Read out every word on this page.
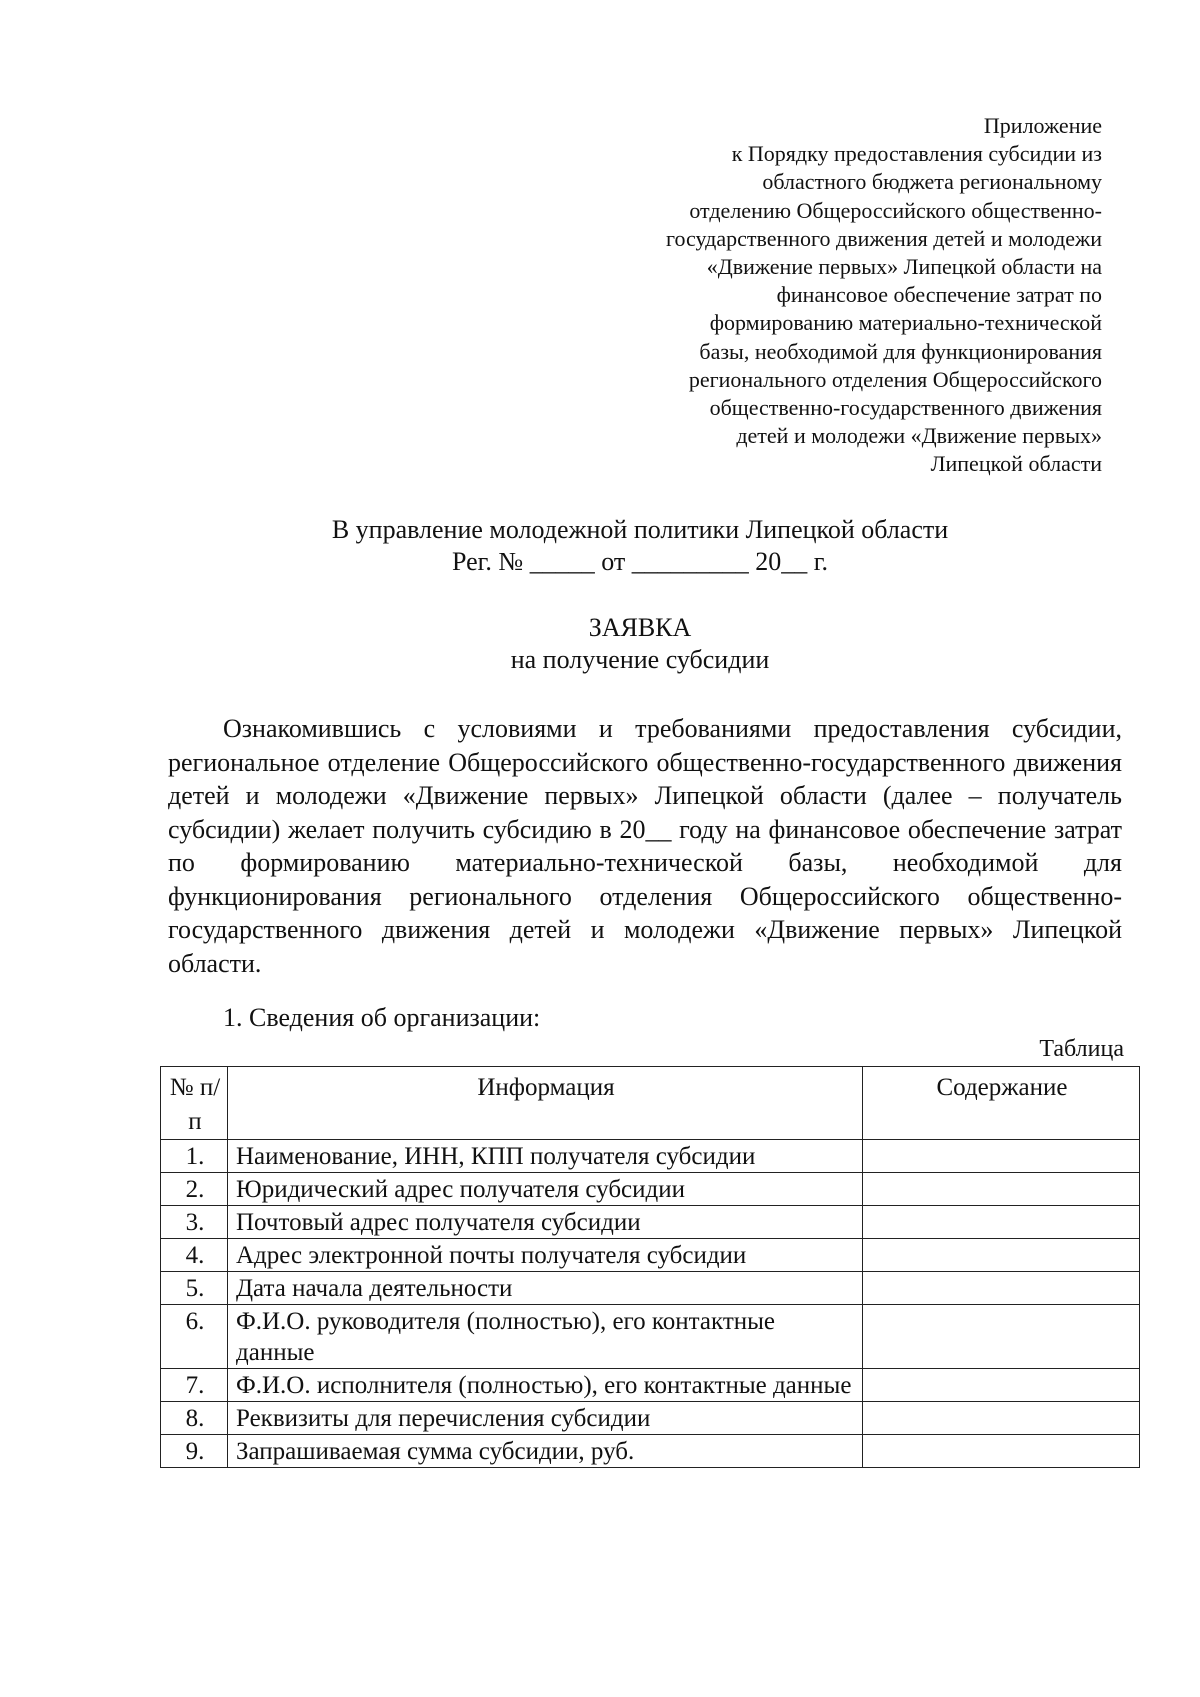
Приложение
к Порядку предоставления субсидии из
областного бюджета региональному
отделению Общероссийского общественно-
государственного движения детей и молодежи
«Движение первых» Липецкой области на
финансовое обеспечение затрат по
формированию материально-технической
базы, необходимой для функционирования
регионального отделения Общероссийского
общественно-государственного движения
детей и молодежи «Движение первых»
Липецкой области
В управление молодежной политики Липецкой области
Рег. № _____ от _________ 20__ г.
ЗАЯВКА
на получение субсидии
Ознакомившись с условиями и требованиями предоставления субсидии, региональное отделение Общероссийского общественно-государственного движения детей и молодежи «Движение первых» Липецкой области (далее – получатель субсидии) желает получить субсидию в 20__ году на финансовое обеспечение затрат по формированию материально-технической базы, необходимой для функционирования регионального отделения Общероссийского общественно-государственного движения детей и молодежи «Движение первых» Липецкой области.
1. Сведения об организации:
Таблица
№ п/п	Информация	Содержание
1.	Наименование, ИНН, КПП получателя субсидии	
2.	Юридический адрес получателя субсидии	
3.	Почтовый адрес получателя субсидии	
4.	Адрес электронной почты получателя субсидии	
5.	Дата начала деятельности	
6.	Ф.И.О. руководителя (полностью), его контактные данные	
7.	Ф.И.О. исполнителя (полностью), его контактные данные	
8.	Реквизиты для перечисления субсидии	
9.	Запрашиваемая сумма субсидии, руб.	
